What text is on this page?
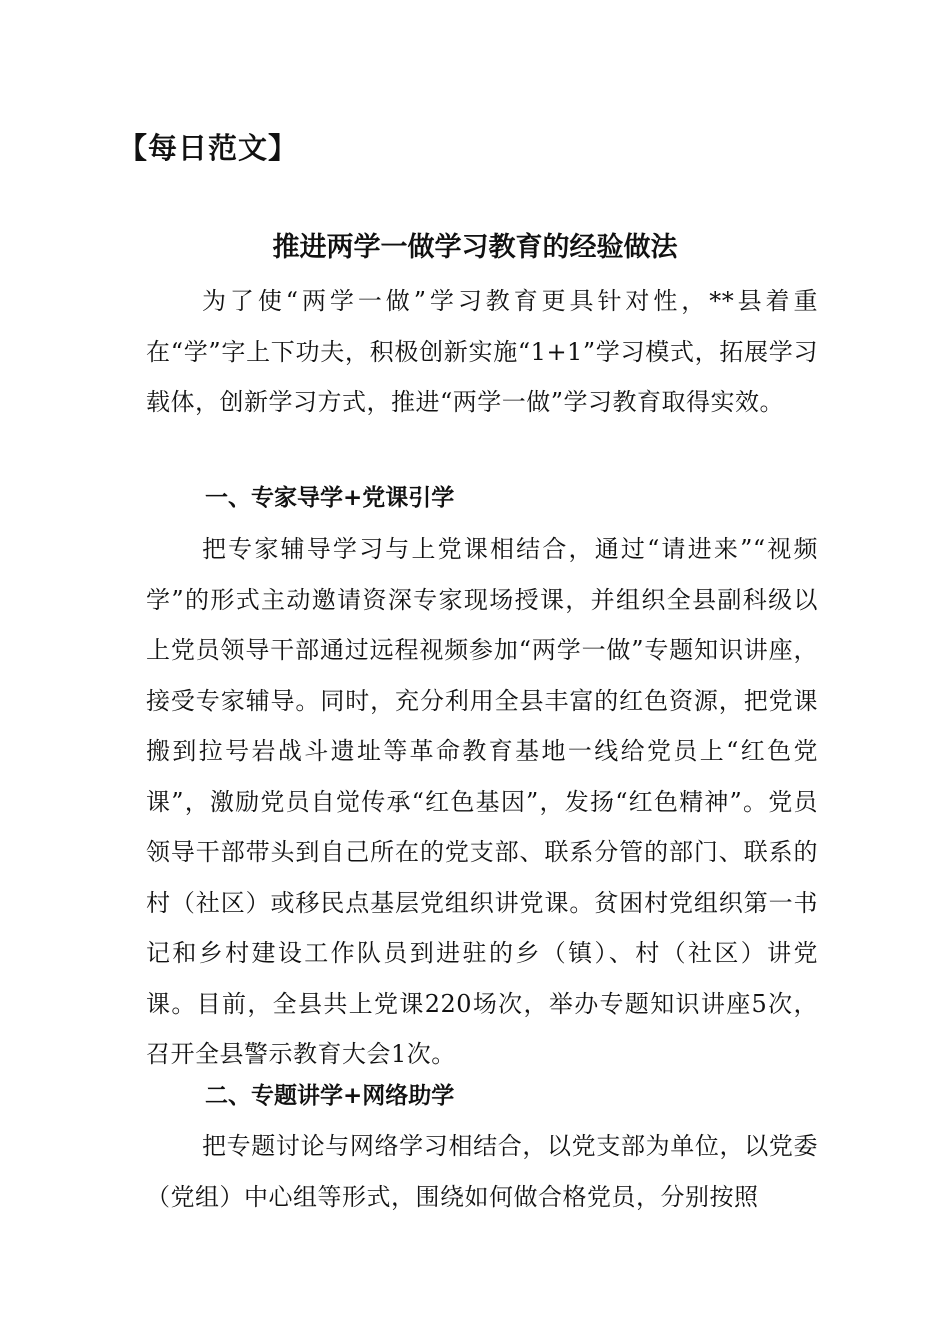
【每日范文】
推进两学一做学习教育的经验做法

为了使“两学一做”学习教育更具针对性，**县着重在“学”字上下功夫，积极创新实施“1+1”学习模式，拓展学习载体，创新学习方式，推进“两学一做”学习教育取得实效。

一、专家导学+党课引学

把专家辅导学习与上党课相结合，通过“请进来”“视频学”的形式主动邀请资深专家现场授课，并组织全县副科级以上党员领导干部通过远程视频参加“两学一做”专题知识讲座，接受专家辅导。同时，充分利用全县丰富的红色资源，把党课搬到拉号岩战斗遗址等革命教育基地一线给党员上“红色党课”，激励党员自觉传承“红色基因”，发扬“红色精神”。党员领导干部带头到自己所在的党支部、联系分管的部门、联系的村（社区）或移民点基层党组织讲党课。贫困村党组织第一书记和乡村建设工作队员到进驻的乡（镇）、村（社区）讲党课。目前，全县共上党课220场次，举办专题知识讲座5次，召开全县警示教育大会1次。

二、专题讲学+网络助学

把专题讨论与网络学习相结合，以党支部为单位，以党委（党组）中心组等形式，围绕如何做合格党员，分别按照
